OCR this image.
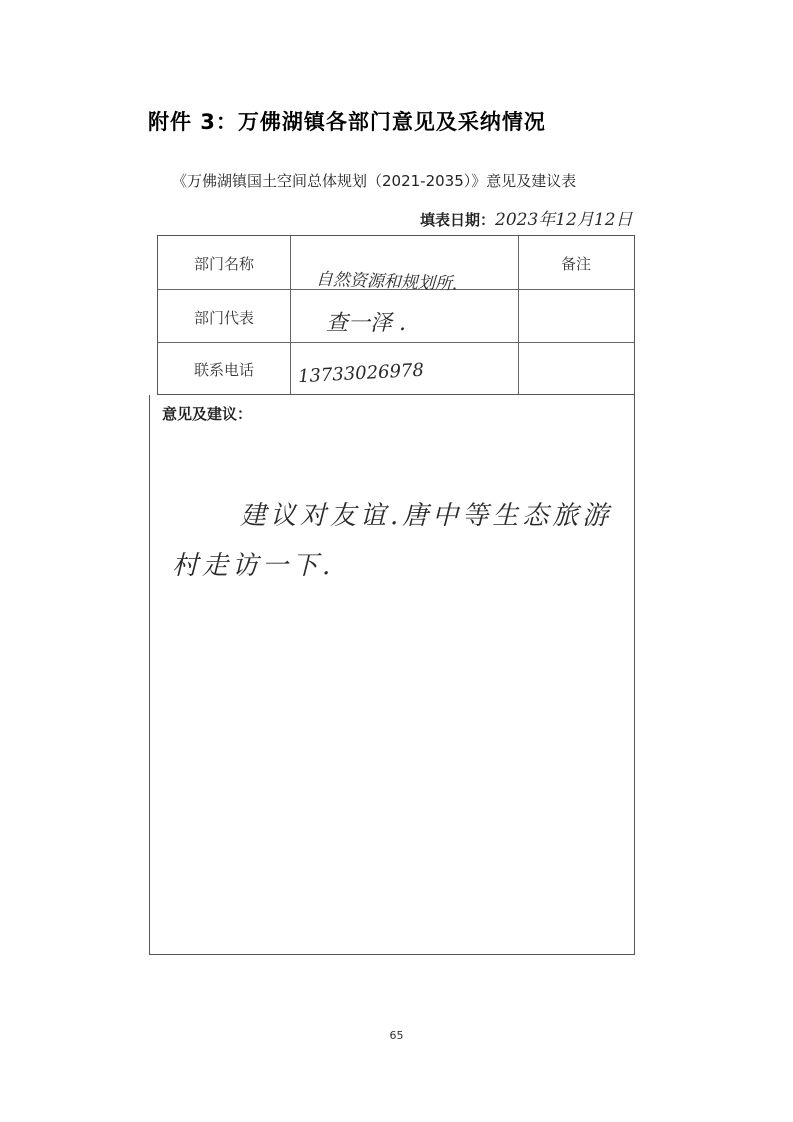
附件 3：万佛湖镇各部门意见及采纳情况
《万佛湖镇国土空间总体规划（2021-2035）》意见及建议表
填表日期：2023年12月12日
部门名称
自然资源和规划所.
备注
部门代表	查一泽 .
联系电话	13733026978
意见及建议：
建议对友谊.唐中等生态旅游
村走访一下.
65
